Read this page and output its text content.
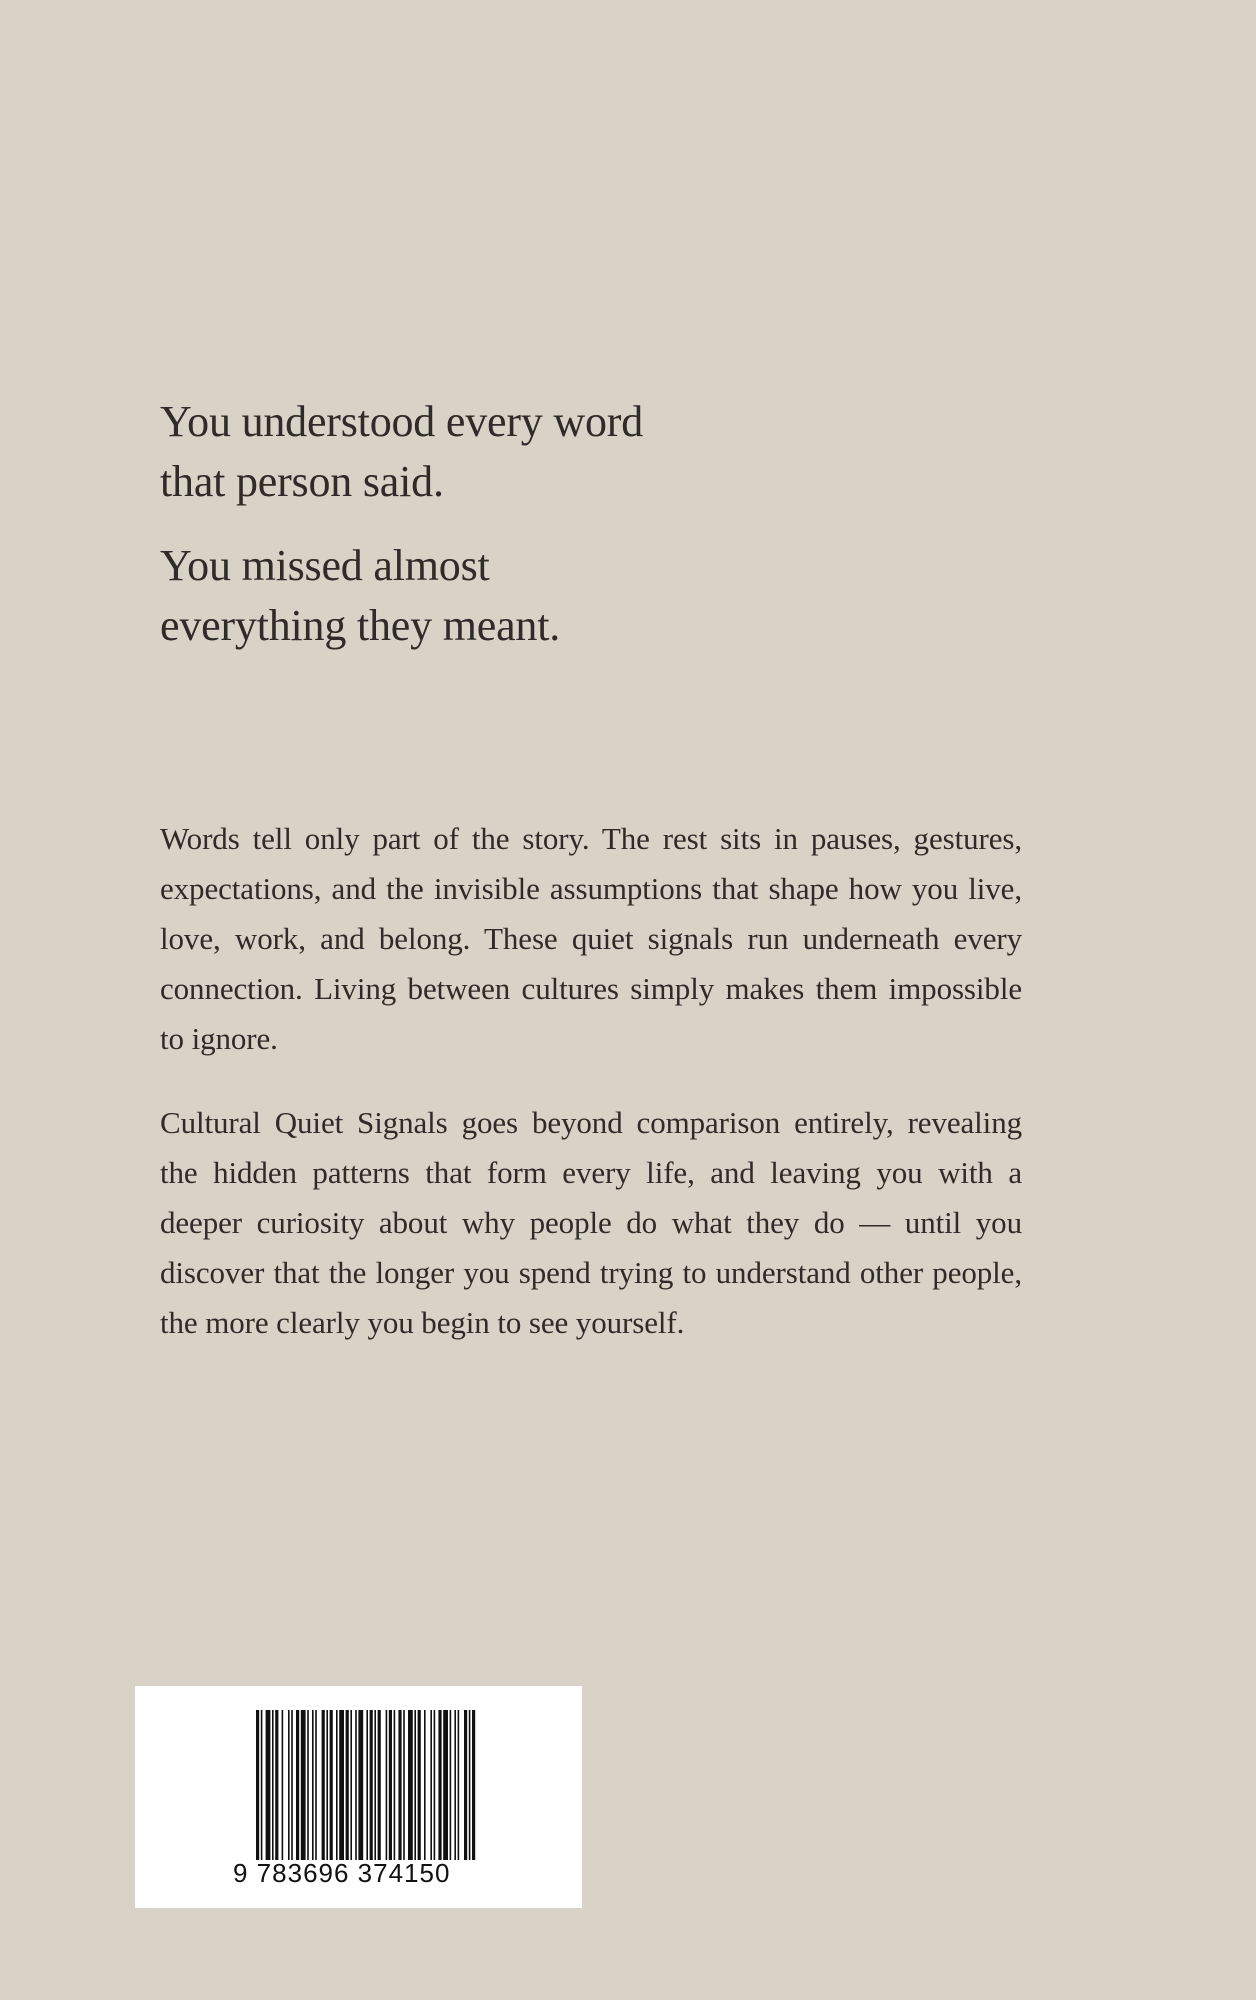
You understood every word
that person said.

You missed almost
everything they meant.

Words tell only part of the story. The rest sits in pauses, gestures, expectations, and the invisible assumptions that shape how you live, love, work, and belong. These quiet signals run underneath every connection. Living between cultures simply makes them impossible to ignore.

Cultural Quiet Signals goes beyond comparison entirely, revealing the hidden patterns that form every life, and leaving you with a deeper curiosity about why people do what they do — until you discover that the longer you spend trying to understand other people, the more clearly you begin to see yourself.

9 783696 374150
